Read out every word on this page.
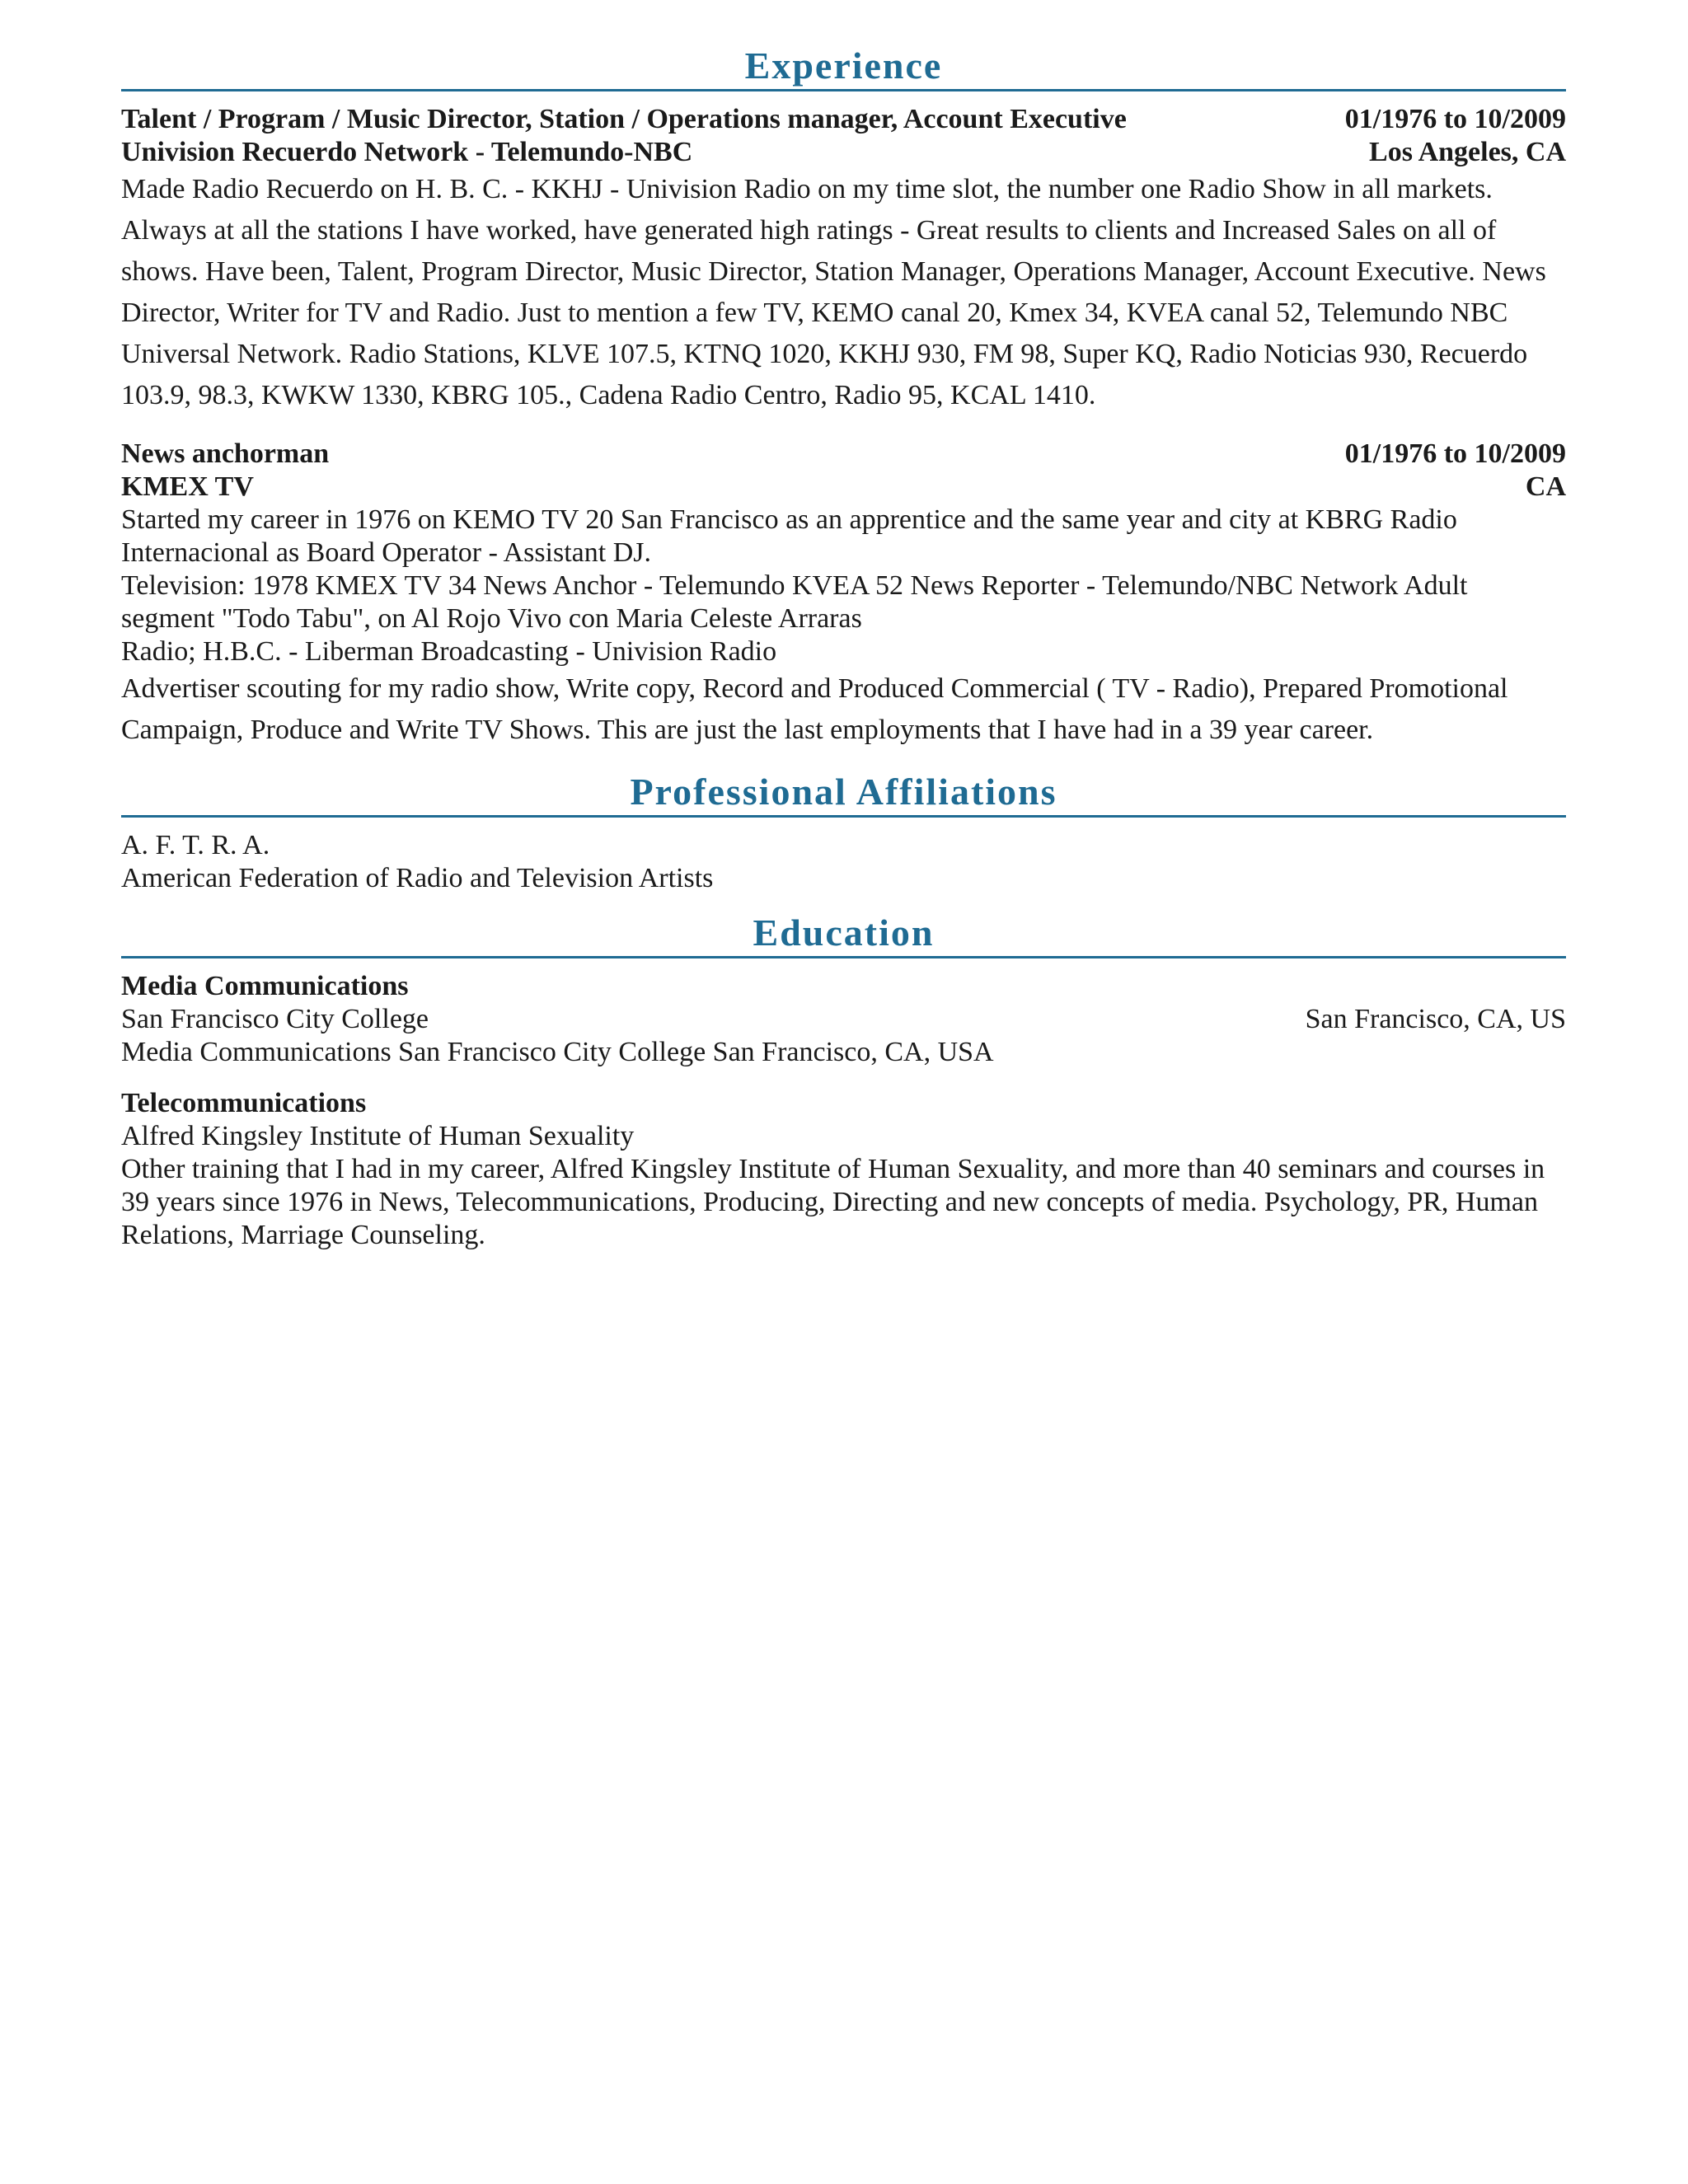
Experience
Talent / Program / Music Director, Station / Operations manager, Account Executive	01/1976 to 10/2009
Univision Recuerdo Network - Telemundo-NBC	Los Angeles, CA

Made Radio Recuerdo on H. B. C. - KKHJ - Univision Radio on my time slot, the number one Radio Show in all markets. Always at all the stations I have worked, have generated high ratings - Great results to clients and Increased Sales on all of shows. Have been, Talent, Program Director, Music Director, Station Manager, Operations Manager, Account Executive. News Director, Writer for TV and Radio. Just to mention a few TV, KEMO canal 20, Kmex 34, KVEA canal 52, Telemundo NBC Universal Network. Radio Stations, KLVE 107.5, KTNQ 1020, KKHJ 930, FM 98, Super KQ, Radio Noticias 930, Recuerdo 103.9, 98.3, KWKW 1330, KBRG 105., Cadena Radio Centro, Radio 95, KCAL 1410.

News anchorman	01/1976 to 10/2009
KMEX TV	CA

Started my career in 1976 on KEMO TV 20 San Francisco as an apprentice and the same year and city at KBRG Radio Internacional as Board Operator - Assistant DJ.

Television: 1978 KMEX TV 34 News Anchor - Telemundo KVEA 52 News Reporter - Telemundo/NBC Network Adult segment "Todo Tabu", on Al Rojo Vivo con Maria Celeste Arraras

Radio; H.B.C. - Liberman Broadcasting - Univision Radio

Advertiser scouting for my radio show, Write copy, Record and Produced Commercial ( TV - Radio), Prepared Promotional Campaign, Produce and Write TV Shows. This are just the last employments that I have had in a 39 year career.

Professional Affiliations

A. F. T. R. A.

American Federation of Radio and Television Artists

Education
Media Communications
San Francisco City College	San Francisco, CA, US

Media Communications San Francisco City College San Francisco, CA, USA

Telecommunications
Alfred Kingsley Institute of Human Sexuality

Other training that I had in my career, Alfred Kingsley Institute of Human Sexuality, and more than 40 seminars and courses in 39 years since 1976 in News, Telecommunications, Producing, Directing and new concepts of media. Psychology, PR, Human Relations, Marriage Counseling.
